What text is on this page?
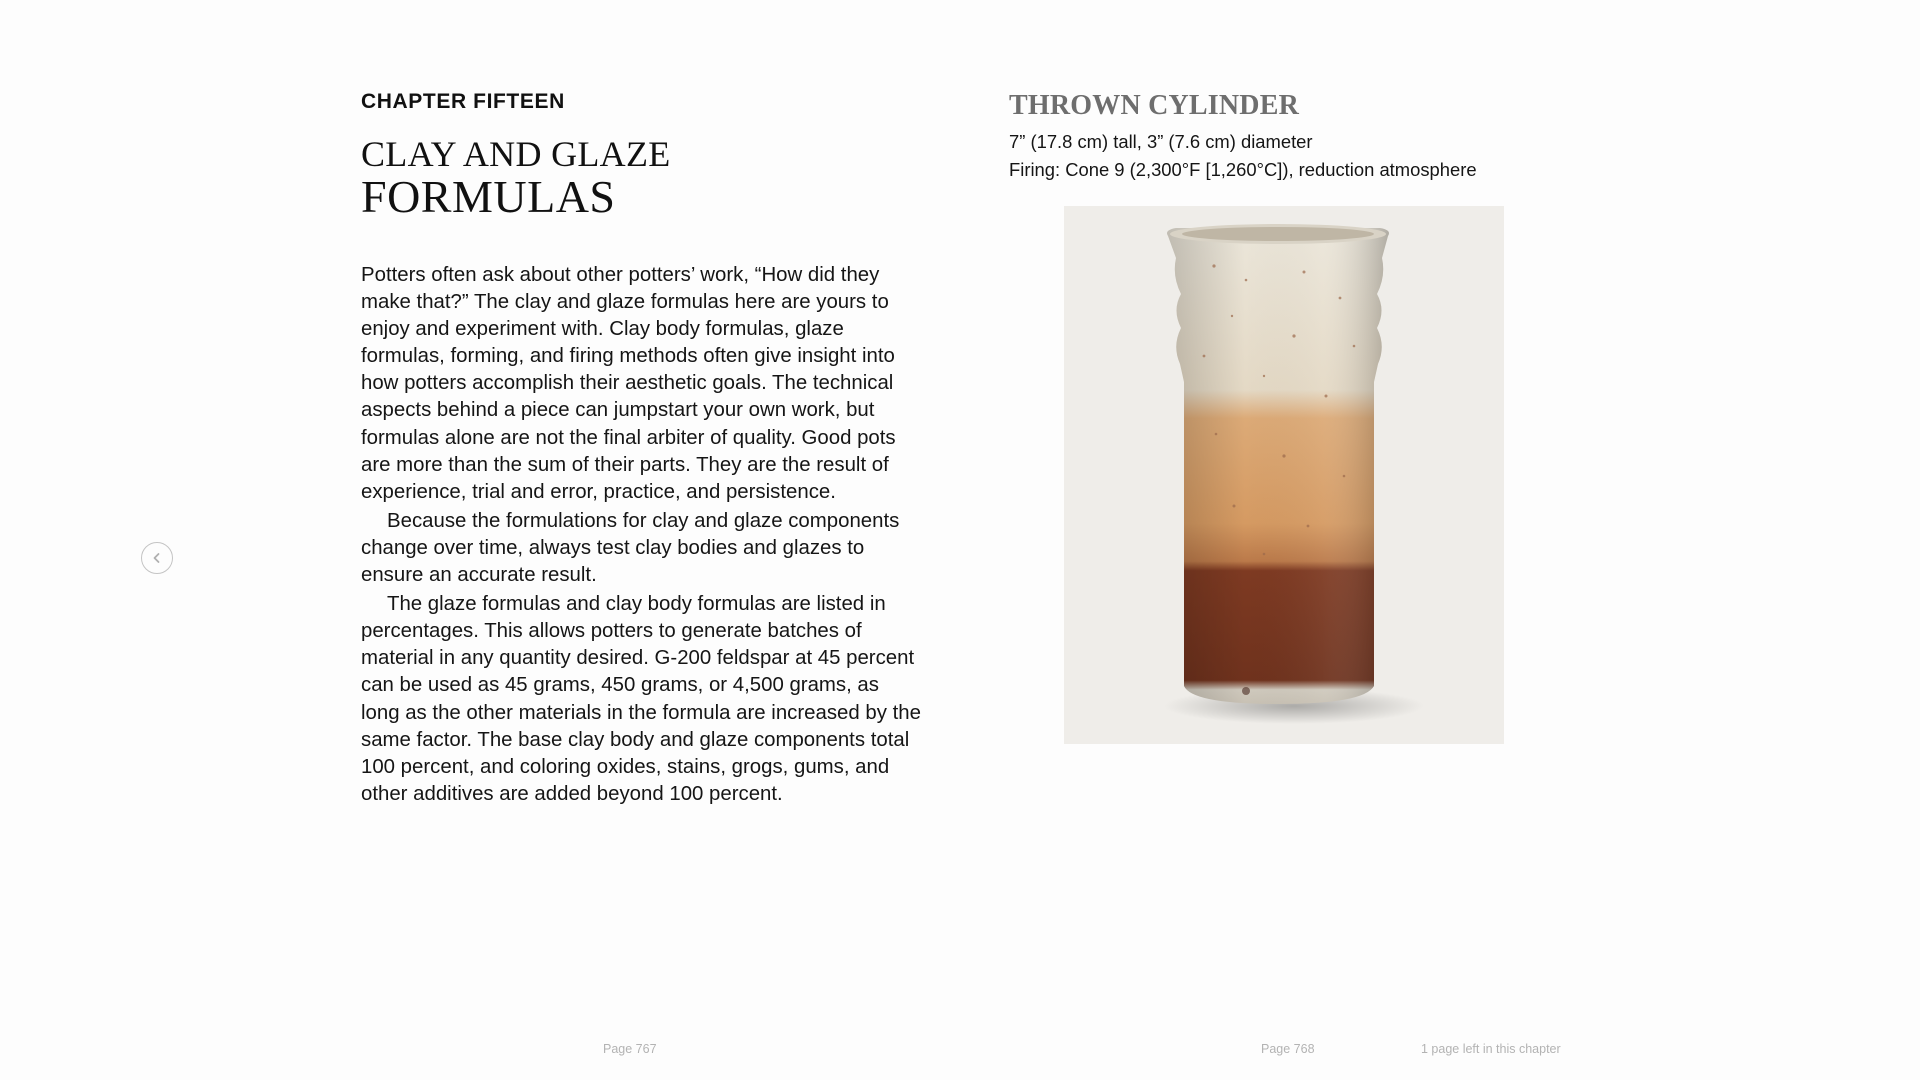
CHAPTER FIFTEEN
CLAY AND GLAZE
FORMULAS

Potters often ask about other potters’ work, “How did they make that?” The clay and glaze formulas here are yours to enjoy and experiment with. Clay body formulas, glaze formulas, forming, and firing methods often give insight into how potters accomplish their aesthetic goals. The technical aspects behind a piece can jumpstart your own work, but formulas alone are not the final arbiter of quality. Good pots are more than the sum of their parts. They are the result of experience, trial and error, practice, and persistence.

Because the formulations for clay and glaze components change over time, always test clay bodies and glazes to ensure an accurate result.

The glaze formulas and clay body formulas are listed in percentages. This allows potters to generate batches of material in any quantity desired. G-200 feldspar at 45 percent can be used as 45 grams, 450 grams, or 4,500 grams, as long as the other materials in the formula are increased by the same factor. The base clay body and glaze components total 100 percent, and coloring oxides, stains, grogs, gums, and other additives are added beyond 100 percent.

THROWN CYLINDER
7” (17.8 cm) tall, 3” (7.6 cm) diameter
Firing: Cone 9 (2,300°F [1,260°C]), reduction atmosphere
Page 767	Page 768	1 page left in this chapter
